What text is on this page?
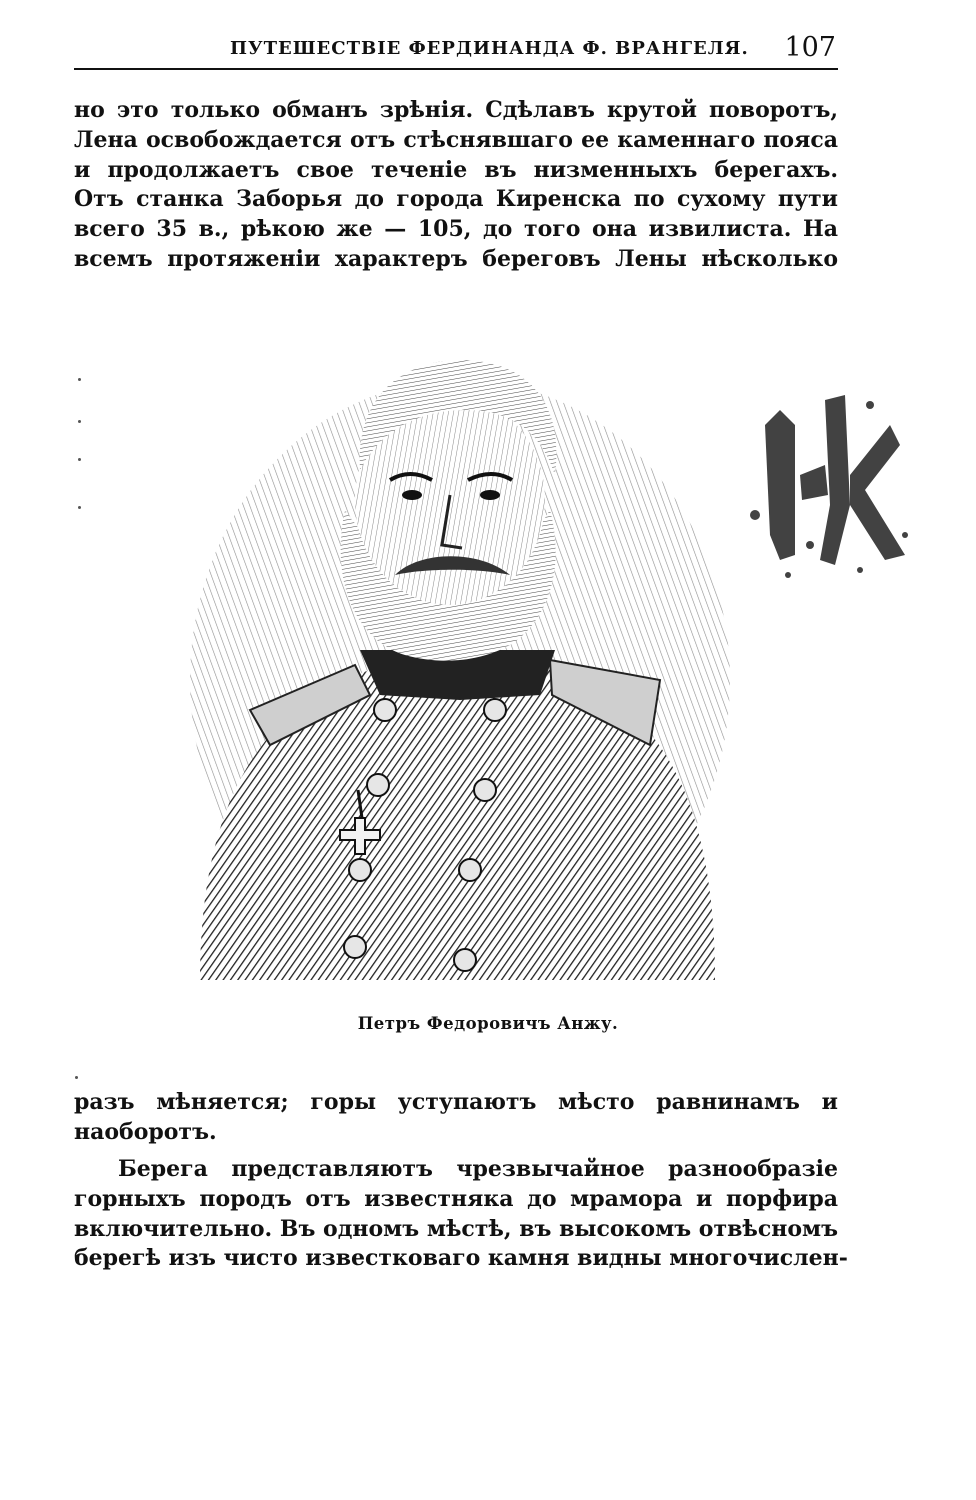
ПУТЕШЕСТВІЕ ФЕРДИНАНДА Ф. ВРАНГЕЛЯ. 107
но это только обманъ зрѣнія. Сдѣлавъ крутой поворотъ,
Лена освобождается отъ стѣснявшаго ее каменнаго пояса
и продолжаетъ свое теченіе въ низменныхъ берегахъ.
Отъ станка Заборья до города Киренска по сухому пути
всего 35 в., рѣкою же — 105, до того она извилиста. На
всемъ протяженіи характеръ береговъ Лены нѣсколько
Петръ Федоровичъ Анжу.
разъ мѣняется; горы уступаютъ мѣсто равнинамъ и
наоборотъ.
Берега представляютъ чрезвычайное разнообразіе
горныхъ породъ отъ известняка до мрамора и порфира
включительно. Въ одномъ мѣстѣ, въ высокомъ отвѣсномъ
берегѣ изъ чисто известковаго камня видны многочислен-
